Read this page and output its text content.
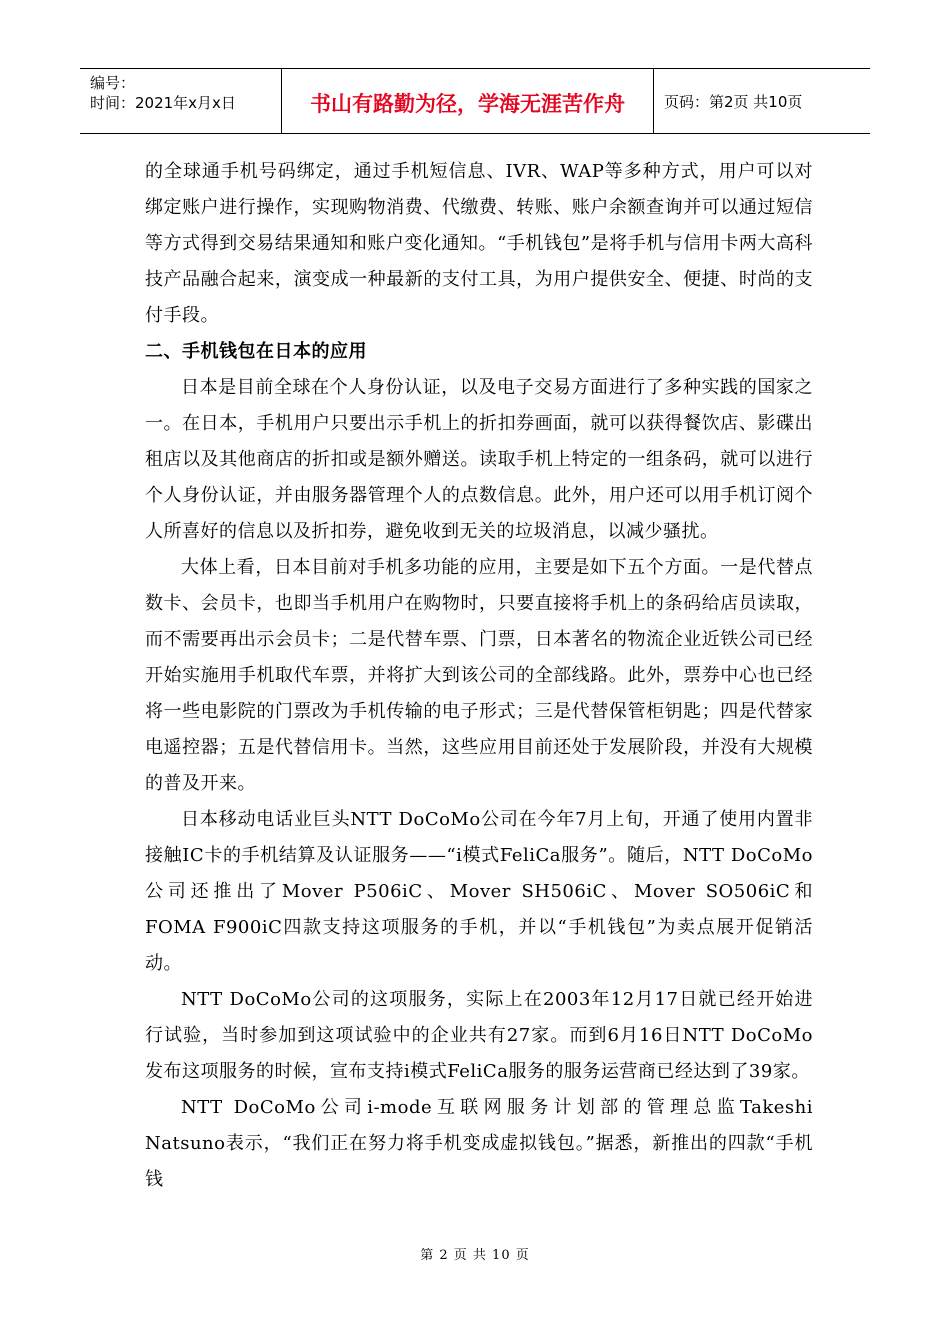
编号：
时间：2021年x月x日	书山有路勤为径，学海无涯苦作舟	页码：第2页 共10页

的全球通手机号码绑定，通过手机短信息、IVR、WAP等多种方式，用户可以对绑定账户进行操作，实现购物消费、代缴费、转账、账户余额查询并可以通过短信等方式得到交易结果通知和账户变化通知。“手机钱包”是将手机与信用卡两大高科技产品融合起来，演变成一种最新的支付工具，为用户提供安全、便捷、时尚的支付手段。

二、手机钱包在日本的应用

日本是目前全球在个人身份认证，以及电子交易方面进行了多种实践的国家之一。在日本，手机用户只要出示手机上的折扣券画面，就可以获得餐饮店、影碟出租店以及其他商店的折扣或是额外赠送。读取手机上特定的一组条码，就可以进行个人身份认证，并由服务器管理个人的点数信息。此外，用户还可以用手机订阅个人所喜好的信息以及折扣券，避免收到无关的垃圾消息，以减少骚扰。

大体上看，日本目前对手机多功能的应用，主要是如下五个方面。一是代替点数卡、会员卡，也即当手机用户在购物时，只要直接将手机上的条码给店员读取，而不需要再出示会员卡；二是代替车票、门票，日本著名的物流企业近铁公司已经开始实施用手机取代车票，并将扩大到该公司的全部线路。此外，票券中心也已经将一些电影院的门票改为手机传输的电子形式；三是代替保管柜钥匙；四是代替家电遥控器；五是代替信用卡。当然，这些应用目前还处于发展阶段，并没有大规模的普及开来。

日本移动电话业巨头NTT DoCoMo公司在今年7月上旬，开通了使用内置非接触IC卡的手机结算及认证服务——“i模式FeliCa服务”。随后，NTT DoCoMo公司还推出了Mover P506iC、Mover SH506iC、Mover SO506iC和FOMA F900iC四款支持这项服务的手机，并以“手机钱包”为卖点展开促销活动。

NTT DoCoMo公司的这项服务，实际上在2003年12月17日就已经开始进行试验，当时参加到这项试验中的企业共有27家。而到6月16日NTT DoCoMo发布这项服务的时候，宣布支持i模式FeliCa服务的服务运营商已经达到了39家。

NTT DoCoMo公司i-mode互联网服务计划部的管理总监Takeshi Natsuno表示，“我们正在努力将手机变成虚拟钱包。”据悉，新推出的四款“手机钱

第 2 页 共 10 页
